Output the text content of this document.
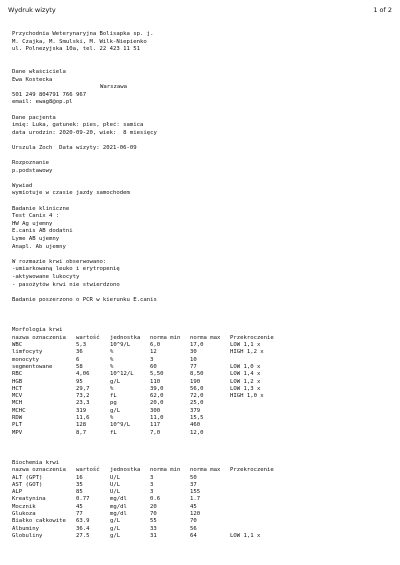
Wydruk wizyty	1 of 2
Przychodnia Weterynaryjna Bolisapka sp. j.
M. Czajka, M. Smulski, M. Wilk-Niepienko
ul. Polnezyjska 10a, tel. 22 423 11 51
Dane właściciela
Ewa Kostecka
Warszawa
501 249 804791 766 967
email: ewag8@op.pl
Dane pacjenta
imię: Luka, gatunek: pies, płeć: samica
data urodzin: 2020-09-20, wiek:  8 miesięcy
Urszula Żoch  Data wizyty: 2021-06-09
Rozpoznanie
p.podstawowy
Wywiad
wymiotuje w czasie jazdy samochodem
Badanie kliniczne
Test Canix 4 :
HW Ag ujemny
E.canis AB dodatni
Lyme AB ujemny
Anapl. Ab ujemny
W rozmazie krwi obserwowano:
-umiarkowaną leuko i erytropenię
-aktywowane lukocyty
- pasożytów krwi nie stwierdzono
Badanie poszerzono o PCR w kierunku E.canis
Morfologia krwi
nazwa oznaczenia wartość jednostka norma min norma max Przekroczenie
WBC	5,3	10^9/L	6,0	17,0	LOW 1,1 x
limfocyty	36	%	12	30	HIGH 1,2 x
monocyty	6	%	3	10
segmentowane	58	%	60	77	LOW 1,0 x
RBC	4,06	10^12/L	5,50	8,50	LOW 1,4 x
HGB	95	g/L	110	190	LOW 1,2 x
HCT	29,7	%	39,0	56,0	LOW 1,3 x
MCV	73,2	fL	62,0	72,0	HIGH 1,0 x
MCH	23,3	pg	20,0	25,0
MCHC	319	g/L	300	379
RDW	11,6	%	11,0	15,5
PLT	128	10^9/L	117	460
MPV	8,7	fL	7,0	12,0
Biochemia krwi
nazwa oznaczenia wartość jednostka norma min norma max Przekroczenie
ALT (GPT)	16	U/L	3	50
AST (GOT)	35	U/L	3	37
ALP	85	U/L	3	155
Kreatynina	0.77	mg/dl	0.6	1.7
Mocznik	45	mg/dl	20	45
Glukoza	77	mg/dl	70	120
Białko całkowite 63.9	g/L	55	70
Albuminy	36.4	g/L	33	56
Globuliny	27.5	g/L	31	64	LOW 1,1 x
